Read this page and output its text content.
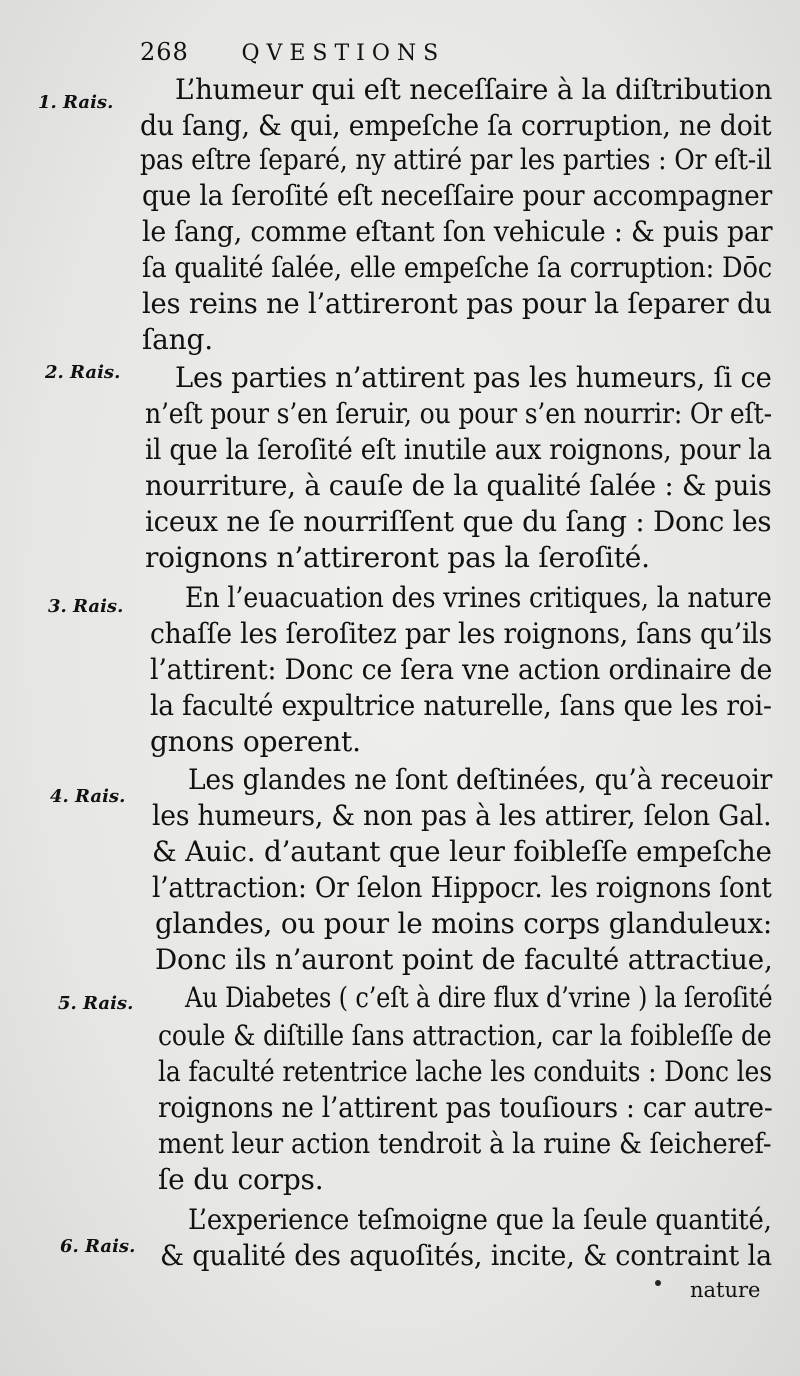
268 QVESTIONS
1. Rais.
2. Rais.
3. Rais.
4. Rais.
5. Rais.
6. Rais.
L’humeur qui eſt neceſſaire à la diſtribution
du ſang, & qui, empeſche ſa corruption, ne doit
pas eſtre ſeparé, ny attiré par les parties : Or eſt-il
que la ſeroſité eſt neceſſaire pour accompagner
le ſang, comme eſtant ſon vehicule : & puis par
ſa qualité ſalée, elle empeſche ſa corruption: Dōc
les reins ne l’attireront pas pour la ſeparer du
ſang.
Les parties n’attirent pas les humeurs, ſi ce
n’eſt pour s’en ſeruir, ou pour s’en nourrir: Or eſt-
il que la ſeroſité eſt inutile aux roignons, pour la
nourriture, à cauſe de la qualité ſalée : & puis
iceux ne ſe nourriſſent que du ſang : Donc les
roignons n’attireront pas la ſeroſité.
En l’euacuation des vrines critiques, la nature
chaſſe les ſeroſitez par les roignons, ſans qu’ils
l’attirent: Donc ce ſera vne action ordinaire de
la faculté expultrice naturelle, ſans que les roi-
gnons operent.
Les glandes ne ſont deſtinées, qu’à receuoir
les humeurs, & non pas à les attirer, ſelon Gal.
& Auic. d’autant que leur foibleſſe empeſche
l’attraction: Or ſelon Hippocr. les roignons ſont
glandes, ou pour le moins corps glanduleux:
Donc ils n’auront point de faculté attractiue,
Au Diabetes ( c’eſt à dire flux d’vrine ) la ſeroſité
coule & diſtille ſans attraction, car la foibleſſe de
la faculté retentrice lache les conduits : Donc les
roignons ne l’attirent pas touſiours : car autre-
ment leur action tendroit à la ruine & ſeicheref-
ſe du corps.
L’experience teſmoigne que la ſeule quantité,
& qualité des aquoſités, incite, & contraint la
nature
